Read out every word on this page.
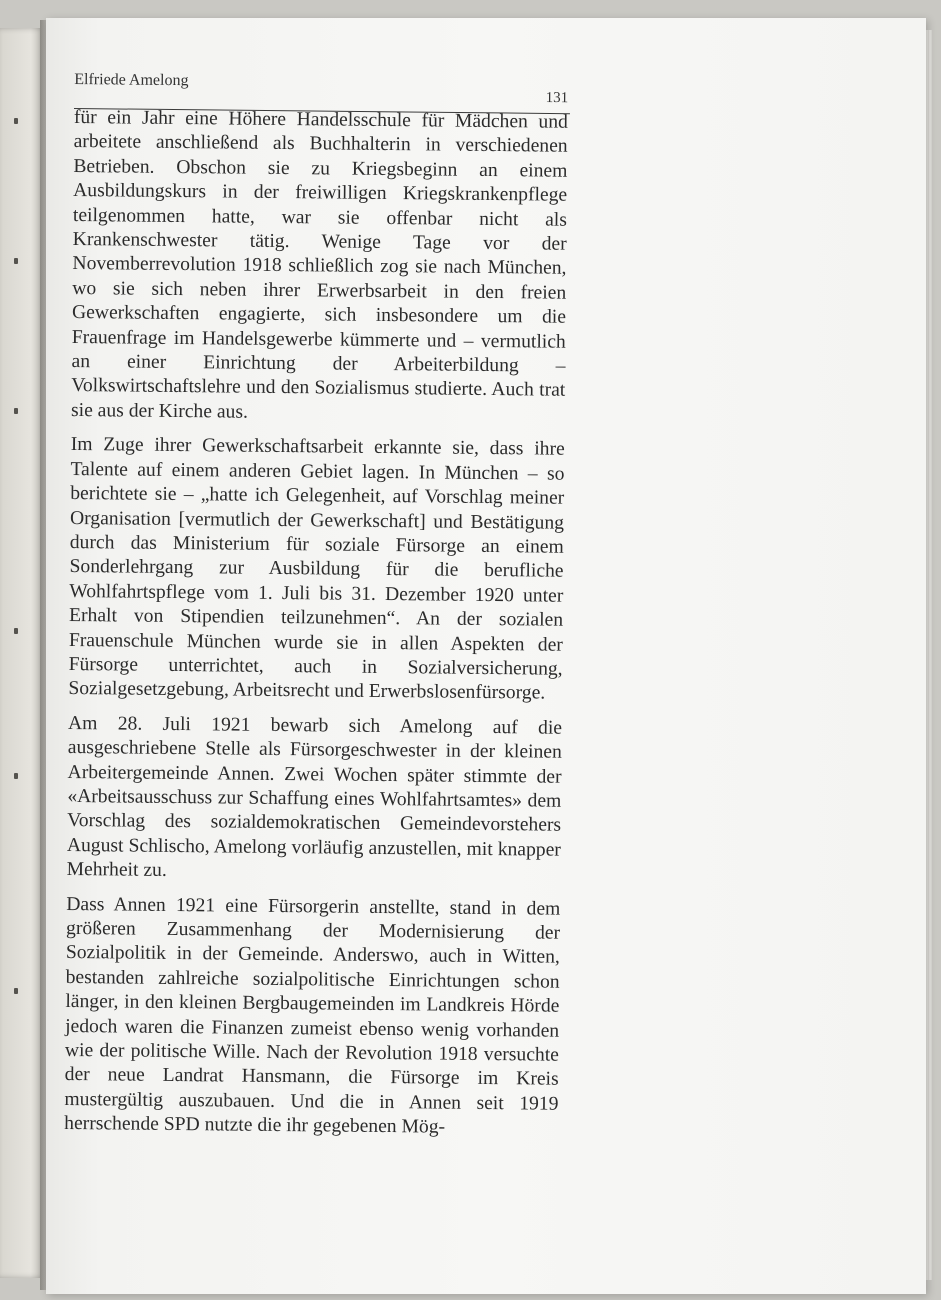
Elfriede Amelong
131

für ein Jahr eine Höhere Handelsschule für Mädchen und arbeitete anschließend als Buchhalterin in verschiedenen Betrieben. Obschon sie zu Kriegsbeginn an einem Ausbildungskurs in der freiwilligen Kriegskrankenpflege teilgenommen hatte, war sie offenbar nicht als Krankenschwester tätig. Wenige Tage vor der Novemberrevolution 1918 schließlich zog sie nach München, wo sie sich neben ihrer Erwerbsarbeit in den freien Gewerkschaften engagierte, sich insbesondere um die Frauenfrage im Handelsgewerbe kümmerte und – vermutlich an einer Einrichtung der Arbeiterbildung – Volkswirtschaftslehre und den Sozialismus studierte. Auch trat sie aus der Kirche aus.

Im Zuge ihrer Gewerkschaftsarbeit erkannte sie, dass ihre Talente auf einem anderen Gebiet lagen. In München – so berichtete sie – „hatte ich Gelegenheit, auf Vorschlag meiner Organisation [vermutlich der Gewerkschaft] und Bestätigung durch das Ministerium für soziale Fürsorge an einem Sonderlehrgang zur Ausbildung für die berufliche Wohlfahrtspflege vom 1. Juli bis 31. Dezember 1920 unter Erhalt von Stipendien teilzunehmen“. An der sozialen Frauenschule München wurde sie in allen Aspekten der Fürsorge unterrichtet, auch in Sozialversicherung, Sozialgesetzgebung, Arbeitsrecht und Erwerbslosenfürsorge.

Am 28. Juli 1921 bewarb sich Amelong auf die ausgeschriebene Stelle als Fürsorgeschwester in der kleinen Arbeitergemeinde Annen. Zwei Wochen später stimmte der «Arbeitsausschuss zur Schaffung eines Wohlfahrtsamtes» dem Vorschlag des sozialdemokratischen Gemeindevorstehers August Schlischo, Amelong vorläufig anzustellen, mit knapper Mehrheit zu.

Dass Annen 1921 eine Fürsorgerin anstellte, stand in dem größeren Zusammenhang der Modernisierung der Sozialpolitik in der Gemeinde. Anderswo, auch in Witten, bestanden zahlreiche sozialpolitische Einrichtungen schon länger, in den kleinen Bergbaugemeinden im Landkreis Hörde jedoch waren die Finanzen zumeist ebenso wenig vorhanden wie der politische Wille. Nach der Revolution 1918 versuchte der neue Landrat Hansmann, die Fürsorge im Kreis mustergültig auszubauen. Und die in Annen seit 1919 herrschende SPD nutzte die ihr gegebenen Mög-
